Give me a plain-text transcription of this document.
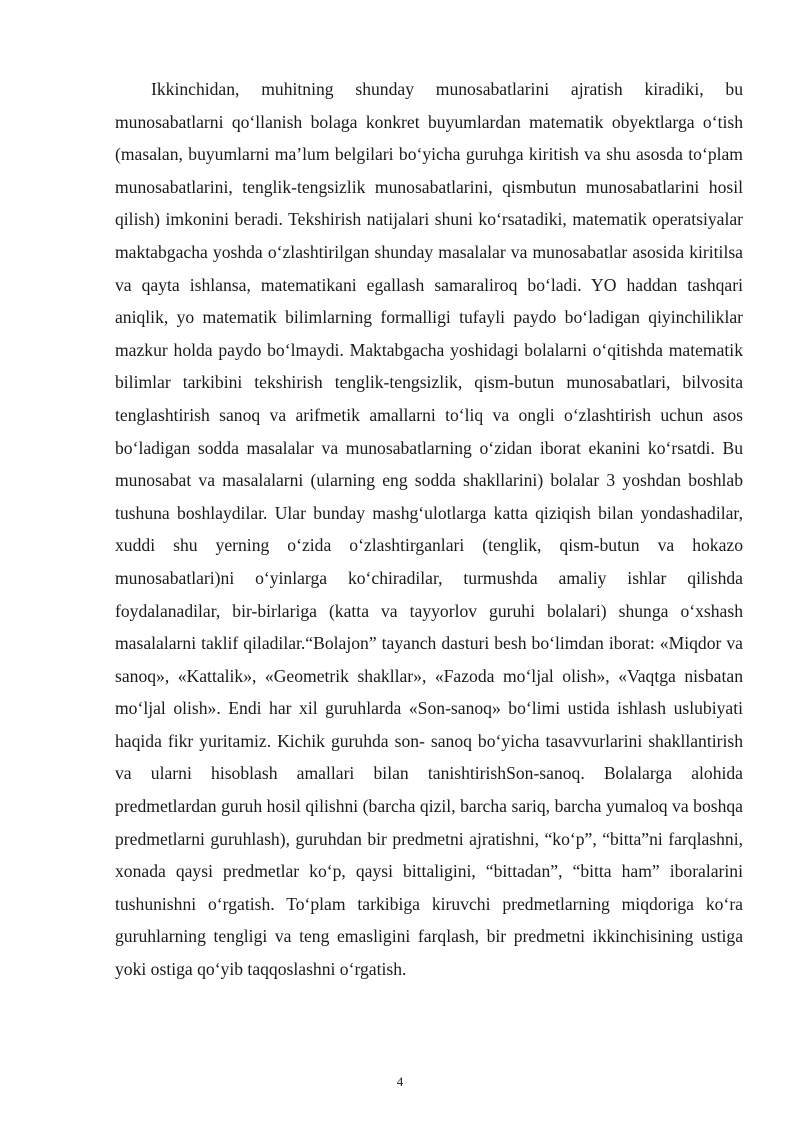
Ikkinchidan, muhitning shunday munosabatlarini ajratish kiradiki, bu munosabatlarni qo‘llanish bolaga konkret buyumlardan matematik obyektlarga o‘tish (masalan, buyumlarni ma’lum belgilari bo‘yicha guruhga kiritish va shu asosda to‘plam munosabatlarini, tenglik-tengsizlik munosabatlarini, qismbutun munosabatlarini hosil qilish) imkonini beradi. Tekshirish natijalari shuni ko‘rsatadiki, matematik operatsiyalar maktabgacha yoshda o‘zlashtirilgan shunday masalalar va munosabatlar asosida kiritilsa va qayta ishlansa, matematikani egallash samaraliroq bo‘ladi. YO haddan tashqari aniqlik, yo matematik bilimlarning formalligi tufayli paydo bo‘ladigan qiyinchiliklar mazkur holda paydo bo‘lmaydi. Maktabgacha yoshidagi bolalarni o‘qitishda matematik bilimlar tarkibini tekshirish tenglik-tengsizlik, qism-butun munosabatlari, bilvosita tenglashtirish sanoq va arifmetik amallarni to‘liq va ongli o‘zlashtirish uchun asos bo‘ladigan sodda masalalar va munosabatlarning o‘zidan iborat ekanini ko‘rsatdi. Bu munosabat va masalalarni (ularning eng sodda shakllarini) bolalar 3 yoshdan boshlab tushuna boshlaydilar. Ular bunday mashg‘ulotlarga katta qiziqish bilan yondashadilar, xuddi shu yerning o‘zida o‘zlashtirganlari (tenglik, qism-butun va hokazo munosabatlari)ni o‘yinlarga ko‘chiradilar, turmushda amaliy ishlar qilishda foydalanadilar, bir-birlariga (katta va tayyorlov guruhi bolalari) shunga o‘xshash masalalarni taklif qiladilar.“Bolajon” tayanch dasturi besh bo‘limdan iborat: «Miqdor va sanoq», «Kattalik», «Geometrik shakllar», «Fazoda mo‘ljal olish», «Vaqtga nisbatan mo‘ljal olish». Endi har xil guruhlarda «Son-sanoq» bo‘limi ustida ishlash uslubiyati haqida fikr yuritamiz. Kichik guruhda son- sanoq bo‘yicha tasavvurlarini shakllantirish va ularni hisoblash amallari bilan tanishtirishSon-sanoq. Bolalarga alohida predmetlardan guruh hosil qilishni (barcha qizil, barcha sariq, barcha yumaloq va boshqa predmetlarni guruhlash), guruhdan bir predmetni ajratishni, “ko‘p”, “bitta”ni farqlashni, xonada qaysi predmetlar ko‘p, qaysi bittaligini, “bittadan”, “bitta ham” iboralarini tushunishni o‘rgatish. To‘plam tarkibiga kiruvchi predmetlarning miqdoriga ko‘ra guruhlarning tengligi va teng emasligini farqlash, bir predmetni ikkinchisining ustiga yoki ostiga qo‘yib taqqoslashni o‘rgatish.

4
